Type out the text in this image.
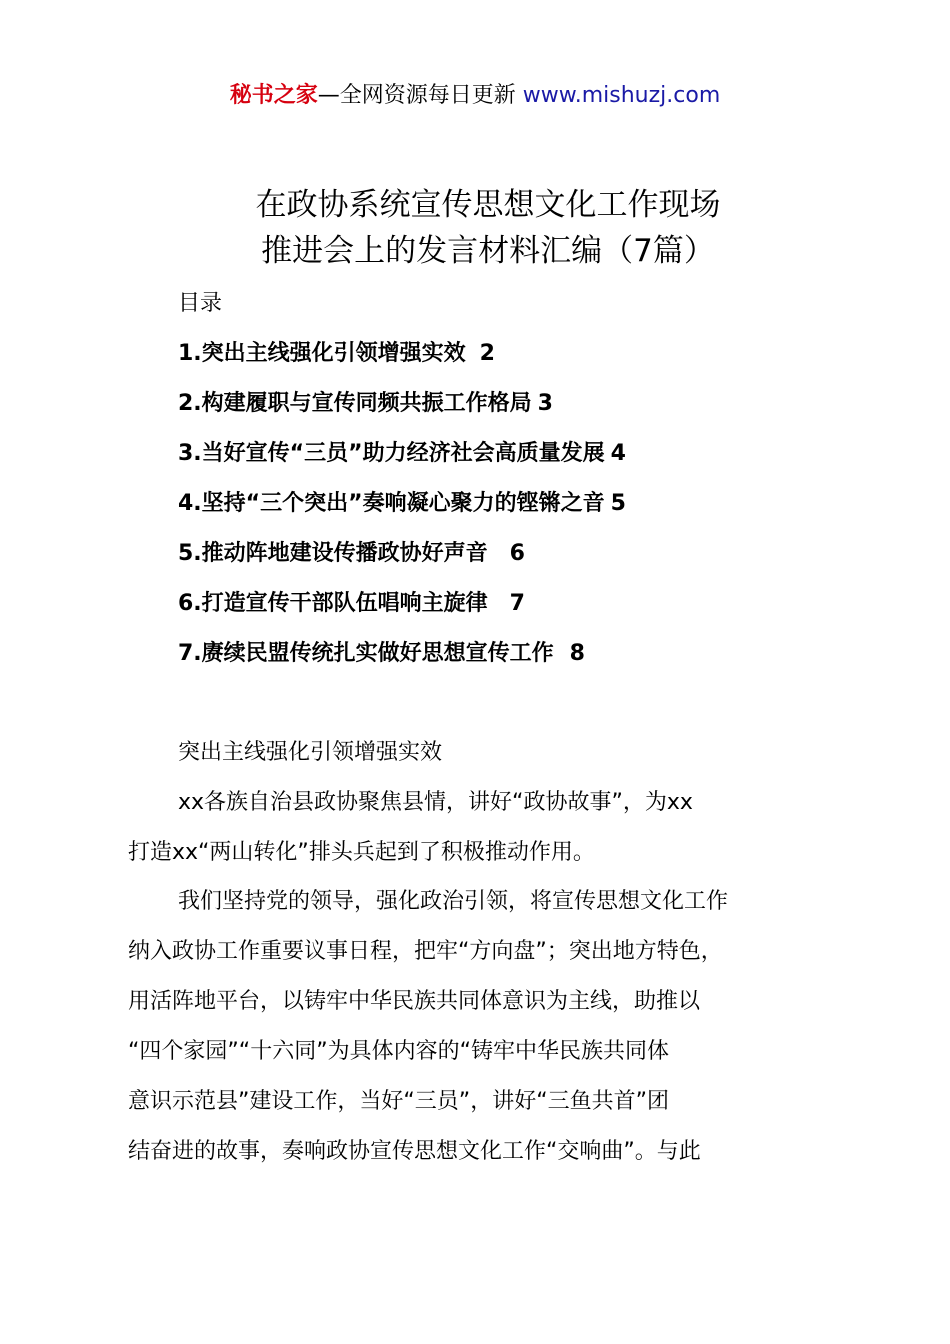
秘书之家—全网资源每日更新 www.mishuzj.com
在政协系统宣传思想文化工作现场
推进会上的发言材料汇编（7篇）
目录
1.突出主线强化引领增强实效 2
2.构建履职与宣传同频共振工作格局 3
3.当好宣传“三员”助力经济社会高质量发展 4
4.坚持“三个突出”奏响凝心聚力的铿锵之音 5
5.推动阵地建设传播政协好声音 6
6.打造宣传干部队伍唱响主旋律 7
7.赓续民盟传统扎实做好思想宣传工作 8
突出主线强化引领增强实效
xx各族自治县政协聚焦县情，讲好“政协故事”，为xx
打造xx“两山转化”排头兵起到了积极推动作用。
我们坚持党的领导，强化政治引领，将宣传思想文化工作
纳入政协工作重要议事日程，把牢“方向盘”；突出地方特色，
用活阵地平台，以铸牢中华民族共同体意识为主线，助推以
“四个家园”“十六同”为具体内容的“铸牢中华民族共同体
意识示范县”建设工作，当好“三员”，讲好“三鱼共首”团
结奋进的故事，奏响政协宣传思想文化工作“交响曲”。与此
